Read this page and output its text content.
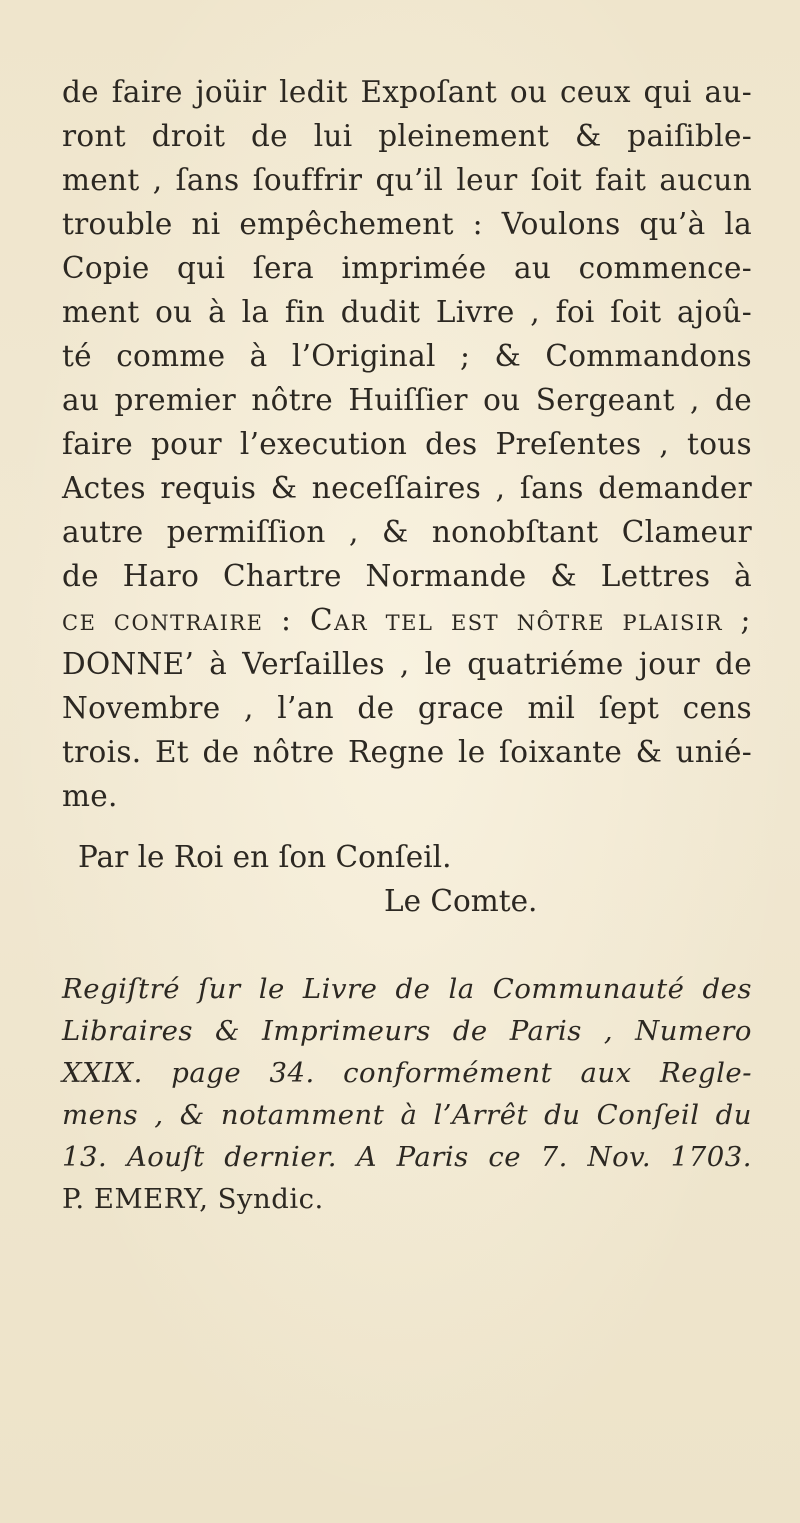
de faire joüir ledit Expoſant ou ceux qui au-
ront droit de lui pleinement & paiſible-
ment , ſans ſouffrir qu’il leur ſoit fait aucun
trouble ni empêchement : Voulons qu’à la
Copie qui ſera imprimée au commence-
ment ou à la fin dudit Livre , foi ſoit ajoû-
té comme à l’Original ; & Commandons
au premier nôtre Huiſſier ou Sergeant , de
faire pour l’execution des Preſentes , tous
Actes requis & neceſſaires , ſans demander
autre permiſſion , & nonobſtant Clameur
de Haro Chartre Normande & Lettres à
ce contraire : Car tel est nôtre plaisir ;
DONNE’ à Verſailles , le quatriéme jour de
Novembre , l’an de grace mil ſept cens
trois. Et de nôtre Regne le ſoixante & unié-
me.
Par le Roi en ſon Conſeil.
Le Comte.
Regiſtré ſur le Livre de la Communauté des
Libraires & Imprimeurs de Paris , Numero
XXIX. page 34. conformément aux Regle-
mens , & notamment à l’Arrêt du Conſeil du
13. Aouſt dernier. A Paris ce 7. Nov. 1703.
P. EMERY, Syndic.
